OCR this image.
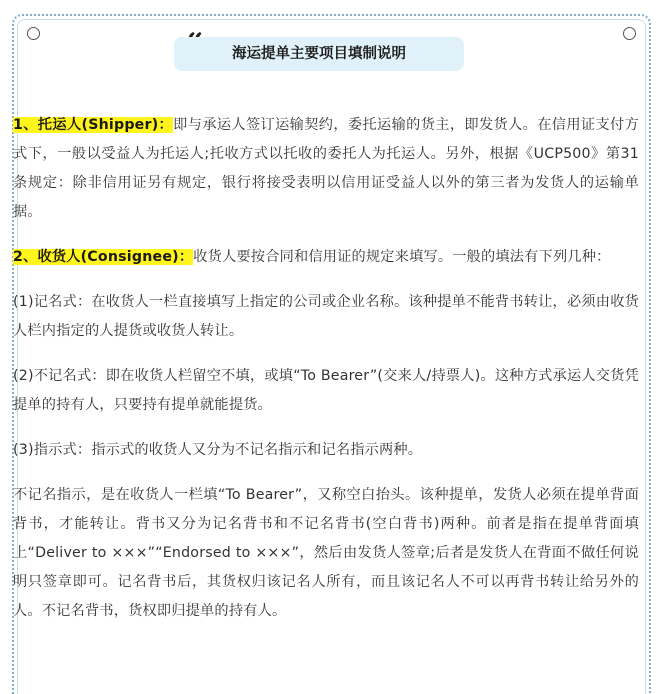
海运提单主要项目填制说明

1、托运人(Shipper)：即与承运人签订运输契约，委托运输的货主，即发货人。在信用证支付方式下，一般以受益人为托运人;托收方式以托收的委托人为托运人。另外，根据《UCP500》第31条规定：除非信用证另有规定，银行将接受表明以信用证受益人以外的第三者为发货人的运输单据。

2、收货人(Consignee)：收货人要按合同和信用证的规定来填写。一般的填法有下列几种：

(1)记名式：在收货人一栏直接填写上指定的公司或企业名称。该种提单不能背书转让，必须由收货人栏内指定的人提货或收货人转让。

(2)不记名式：即在收货人栏留空不填，或填“To Bearer”(交来人/持票人)。这种方式承运人交货凭提单的持有人，只要持有提单就能提货。

(3)指示式：指示式的收货人又分为不记名指示和记名指示两种。

不记名指示，是在收货人一栏填“To Bearer”，又称空白抬头。该种提单，发货人必须在提单背面背书，才能转让。背书又分为记名背书和不记名背书(空白背书)两种。前者是指在提单背面填上“Deliver to ×××”“Endorsed to ×××”，然后由发货人签章;后者是发货人在背面不做任何说明只签章即可。记名背书后，其货权归该记名人所有，而且该记名人不可以再背书转让给另外的人。不记名背书，货权即归提单的持有人。
